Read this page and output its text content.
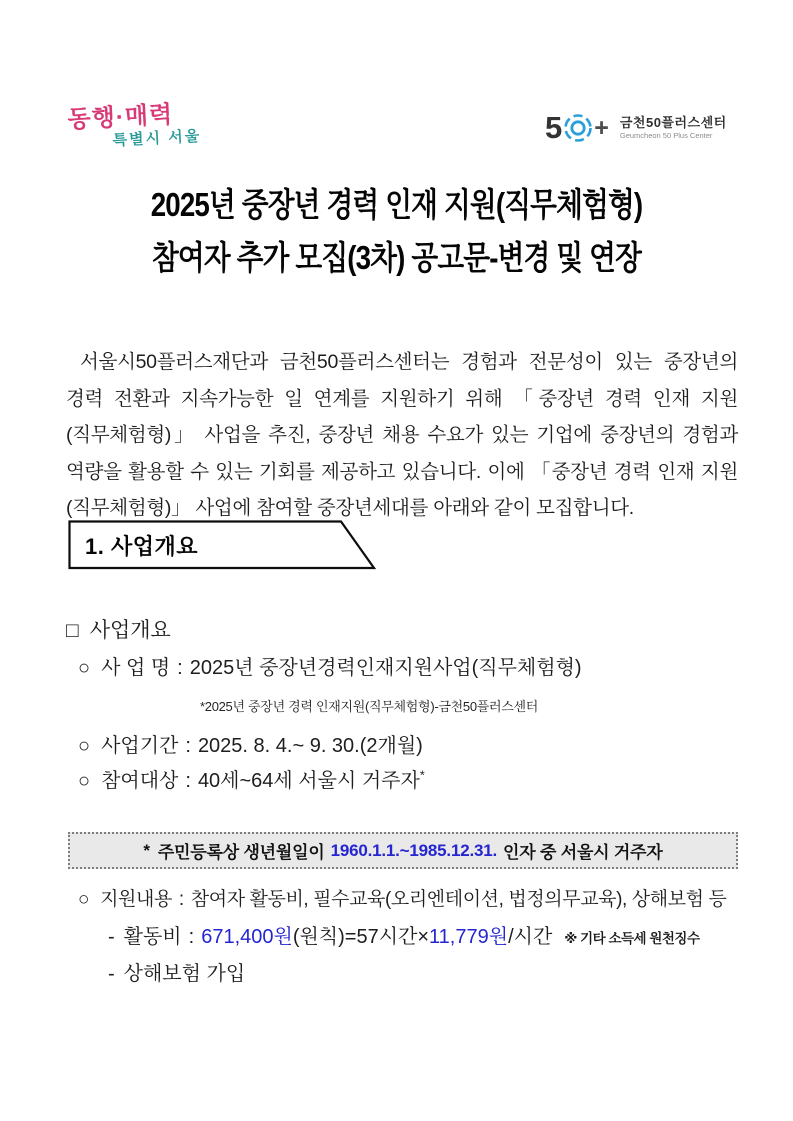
동행·매력
특별시 서울	5 + 금천50플러스센터
Geumcheon 50 Plus Center
2025년 중장년 경력 인재 지원(직무체험형)
참여자 추가 모집(3차) 공고문-변경 및 연장
서울시50플러스재단과 금천50플러스센터는 경험과 전문성이 있는 중장년의 경력 전환과 지속가능한 일 연계를 지원하기 위해 「중장년 경력 인재 지원(직무체험형)」 사업을 추진, 중장년 채용 수요가 있는 기업에 중장년의 경험과 역량을 활용할 수 있는 기회를 제공하고 있습니다. 이에 「중장년 경력 인재 지원(직무체험형)」 사업에 참여할 중장년세대를 아래와 같이 모집합니다.
1. 사업개요
□ 사업개요
○ 사 업 명 : 2025년 중장년경력인재지원사업(직무체험형)
*2025년 중장년 경력 인재지원(직무체험형)-금천50플러스센터
○ 사업기간 : 2025. 8. 4.~ 9. 30.(2개월)
○ 참여대상 : 40세~64세 서울시 거주자*
* 주민등록상 생년월일이 1960.1.1.~1985.12.31. 인자 중 서울시 거주자
○ 지원내용 : 참여자 활동비, 필수교육(오리엔테이션, 법정의무교육), 상해보험 등
- 활동비 : 671,400원(원칙)=57시간×11,779원/시간 ※ 기타 소득세 원천징수
- 상해보험 가입
